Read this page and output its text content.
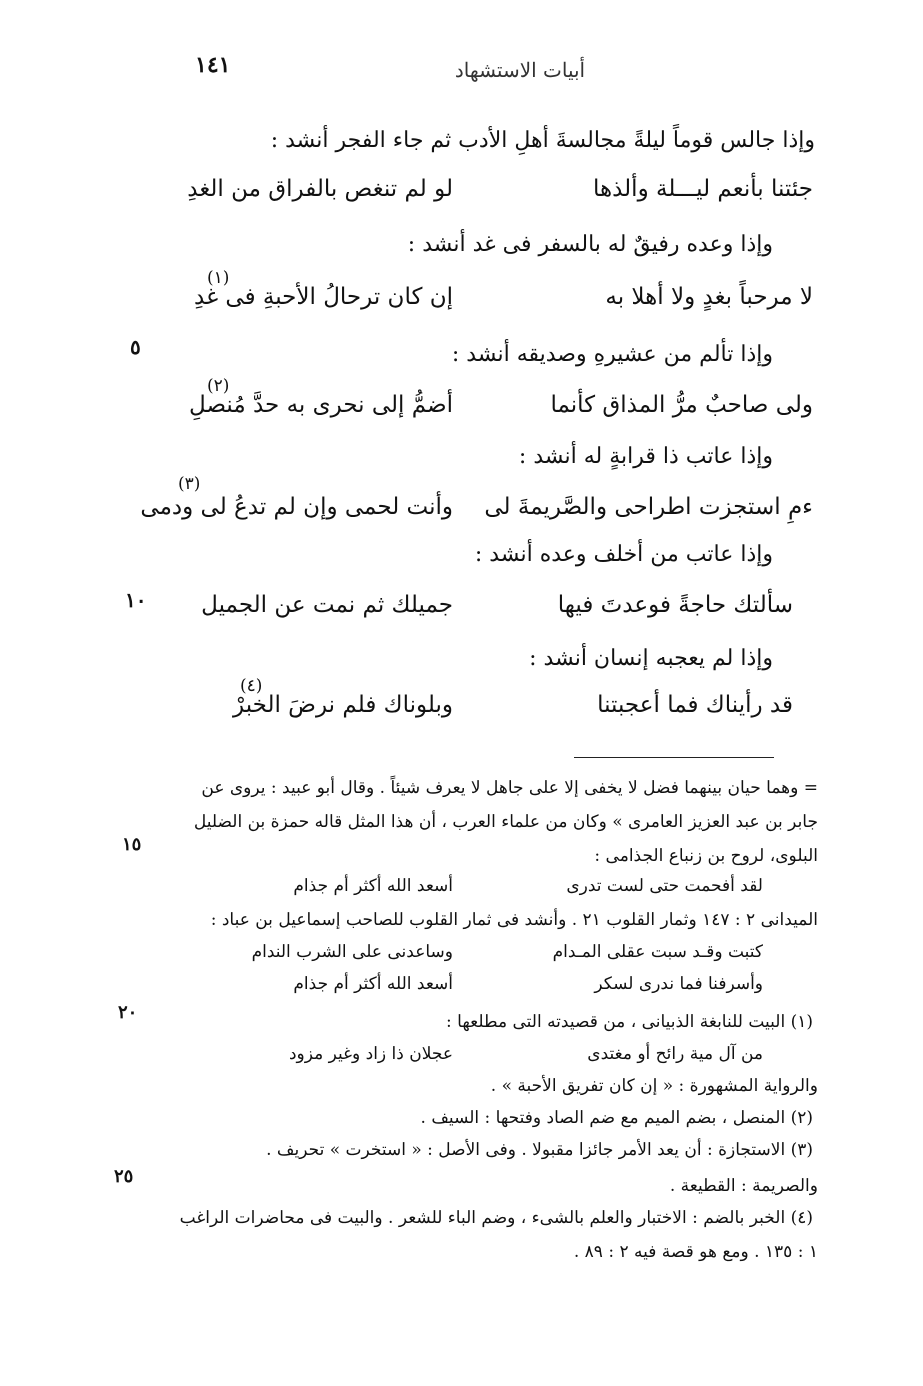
١٤١	أبيات الاستشهاد
وإذا جالس قوماً ليلةً مجالسةَ أهلِ الأدب ثم جاء الفجر أنشد :
جئتنا بأنعم ليـــلة وألذها
لو لم تنغص بالفراق من الغدِ
وإذا وعده رفيقٌ له بالسفر فى غد أنشد :
لا مرحباً بغدٍ ولا أهلا به
إن كان ترحالُ الأحبةِ فى غدِ
(١)
٥	وإذا تألم من عشيرهِ وصديقه أنشد :
ولى صاحبٌ مرُّ المذاق كأنما
أضمُّ إلى نحرى به حدَّ مُنصلِ
(٢)
وإذا عاتب ذا قرابةٍ له أنشد :
ءمِ استجزت اطراحى والصَّريمةَ لى
وأنت لحمى وإن لم تدعُ لى ودمى
(٣)
وإذا عاتب من أخلف وعده أنشد :
١٠	سألتك حاجةً فوعدتَ فيها
جميلك ثم نمت عن الجميل
وإذا لم يعجبه إنسان أنشد :
قد رأيناك فما أعجبتنا
وبلوناك فلم نرضَ الخبرْ
(٤)
= وهما حيان بينهما فضل لا يخفى إلا على جاهل لا يعرف شيئاً . وقال أبو عبيد : يروى عن
جابر بن عبد العزيز العامرى » وكان من علماء العرب ، أن هذا المثل قاله حمزة بن الضليل
١٥
البلوى، لروح بن زنباع الجذامى :
لقد أفحمت حتى لست تدرى
أسعد الله أكثر أم جذام
الميدانى ٢ : ١٤٧ وثمار القلوب ٢١ . وأنشد فى ثمار القلوب للصاحب إسماعيل بن عباد :
كتبت وقـد سبت عقلى المـدام
وساعدنى على الشرب الندام
وأسرفنا فما ندرى لسكر
أسعد الله أكثر أم جذام
٢٠	(١) البيت للنابغة الذبيانى ، من قصيدته التى مطلعها :
من آل مية رائح أو مغتدى
عجلان ذا زاد وغير مزود
والرواية المشهورة : « إن كان تفريق الأحبة » .
(٢) المنصل ، بضم الميم مع ضم الصاد وفتحها : السيف .
(٣) الاستجازة : أن يعد الأمر جائزا مقبولا . وفى الأصل : « استخرت » تحريف .
٢٥	والصريمة : القطيعة .
(٤) الخبر بالضم : الاختبار والعلم بالشىء ، وضم الباء للشعر . والبيت فى محاضرات الراغب
١ : ١٣٥ . ومع هو قصة فيه ٢ : ٨٩ .
